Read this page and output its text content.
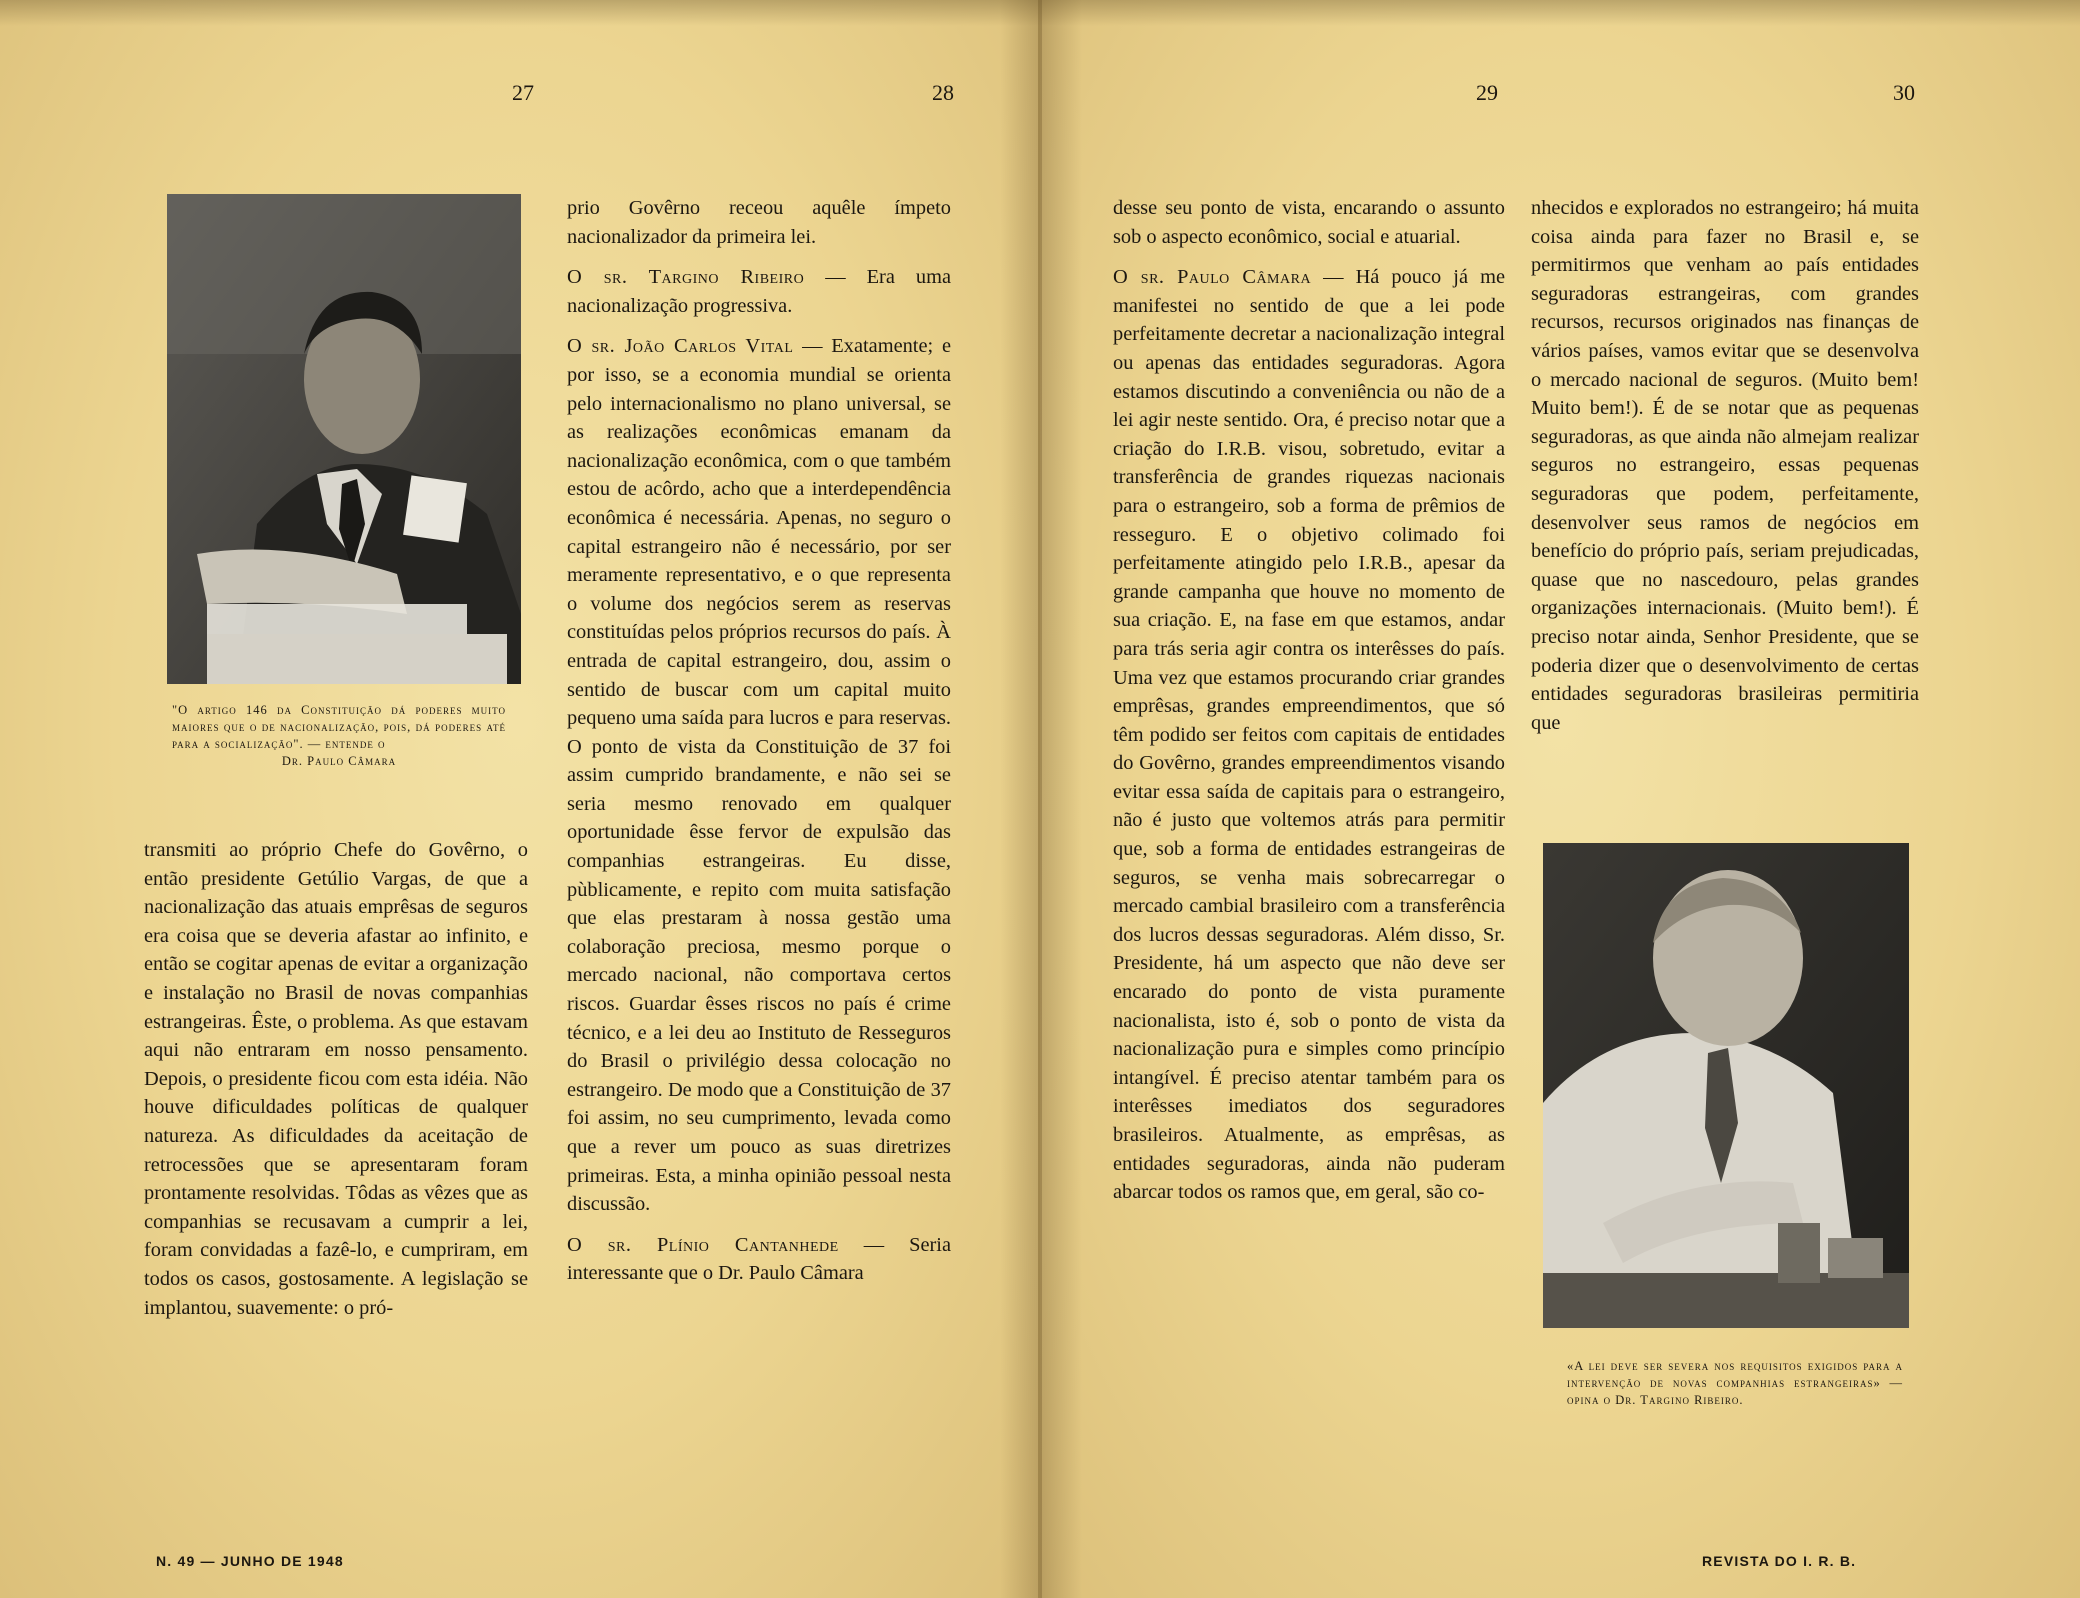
27	28	29	30
"O artigo 146 da Constituição dá poderes muito maiores que o de nacionalização, pois, dá poderes até para a socialização". — entende o
Dr. Paulo Câmara

transmiti ao próprio Chefe do Govêrno, o então presidente Getúlio Vargas, de que a nacionalização das atuais emprêsas de seguros era coisa que se deveria afastar ao infinito, e então se cogitar apenas de evitar a organização e instalação no Brasil de novas companhias estrangeiras. Êste, o problema. As que estavam aqui não entraram em nosso pensamento. Depois, o presidente ficou com esta idéia. Não houve dificuldades políticas de qualquer natureza. As dificuldades da aceitação de retrocessões que se apresentaram foram prontamente resolvidas. Tôdas as vêzes que as companhias se recusavam a cumprir a lei, foram convidadas a fazê-lo, e cumpriram, em todos os casos, gostosamente. A legislação se implantou, suavemente: o pró-

prio Govêrno receou aquêle ímpeto nacionalizador da primeira lei.

O sr. Targino Ribeiro — Era uma nacionalização progressiva.

O sr. João Carlos Vital — Exatamente; e por isso, se a economia mundial se orienta pelo internacionalismo no plano universal, se as realizações econômicas emanam da nacionalização econômica, com o que também estou de acôrdo, acho que a interdependência econômica é necessária. Apenas, no seguro o capital estrangeiro não é necessário, por ser meramente representativo, e o que representa o volume dos negócios serem as reservas constituídas pelos próprios recursos do país. À entrada de capital estrangeiro, dou, assim o sentido de buscar com um capital muito pequeno uma saída para lucros e para reservas. O ponto de vista da Constituição de 37 foi assim cumprido brandamente, e não sei se seria mesmo renovado em qualquer oportunidade êsse fervor de expulsão das companhias estrangeiras. Eu disse, pùblicamente, e repito com muita satisfação que elas prestaram à nossa gestão uma colaboração preciosa, mesmo porque o mercado nacional, não comportava certos riscos. Guardar êsses riscos no país é crime técnico, e a lei deu ao Instituto de Resseguros do Brasil o privilégio dessa colocação no estrangeiro. De modo que a Constituição de 37 foi assim, no seu cumprimento, levada como que a rever um pouco as suas diretrizes primeiras. Esta, a minha opinião pessoal nesta discussão.

O sr. Plínio Cantanhede — Seria interessante que o Dr. Paulo Câmara

desse seu ponto de vista, encarando o assunto sob o aspecto econômico, social e atuarial.

O sr. Paulo Câmara — Há pouco já me manifestei no sentido de que a lei pode perfeitamente decretar a nacionalização integral ou apenas das entidades seguradoras. Agora estamos discutindo a conveniência ou não de a lei agir neste sentido. Ora, é preciso notar que a criação do I.R.B. visou, sobretudo, evitar a transferência de grandes riquezas nacionais para o estrangeiro, sob a forma de prêmios de resseguro. E o objetivo colimado foi perfeitamente atingido pelo I.R.B., apesar da grande campanha que houve no momento de sua criação. E, na fase em que estamos, andar para trás seria agir contra os interêsses do país. Uma vez que estamos procurando criar grandes emprêsas, grandes empreendimentos, que só têm podido ser feitos com capitais de entidades do Govêrno, grandes empreendimentos visando evitar essa saída de capitais para o estrangeiro, não é justo que voltemos atrás para permitir que, sob a forma de entidades estrangeiras de seguros, se venha mais sobrecarregar o mercado cambial brasileiro com a transferência dos lucros dessas seguradoras. Além disso, Sr. Presidente, há um aspecto que não deve ser encarado do ponto de vista puramente nacionalista, isto é, sob o ponto de vista da nacionalização pura e simples como princípio intangível. É preciso atentar também para os interêsses imediatos dos seguradores brasileiros. Atualmente, as emprêsas, as entidades seguradoras, ainda não puderam abarcar todos os ramos que, em geral, são co-

nhecidos e explorados no estrangeiro; há muita coisa ainda para fazer no Brasil e, se permitirmos que venham ao país entidades seguradoras estrangeiras, com grandes recursos, recursos originados nas finanças de vários países, vamos evitar que se desenvolva o mercado nacional de seguros. (Muito bem! Muito bem!). É de se notar que as pequenas seguradoras, as que ainda não almejam realizar seguros no estrangeiro, essas pequenas seguradoras que podem, perfeitamente, desenvolver seus ramos de negócios em benefício do próprio país, seriam prejudicadas, quase que no nascedouro, pelas grandes organizações internacionais. (Muito bem!). É preciso notar ainda, Senhor Presidente, que se poderia dizer que o desenvolvimento de certas entidades seguradoras brasileiras permitiria que

«A lei deve ser severa nos requisitos exigidos para a intervenção de novas companhias estrangeiras» — opina o Dr. Targino Ribeiro.
N. 49 — JUNHO DE 1948	REVISTA DO I. R. B.
